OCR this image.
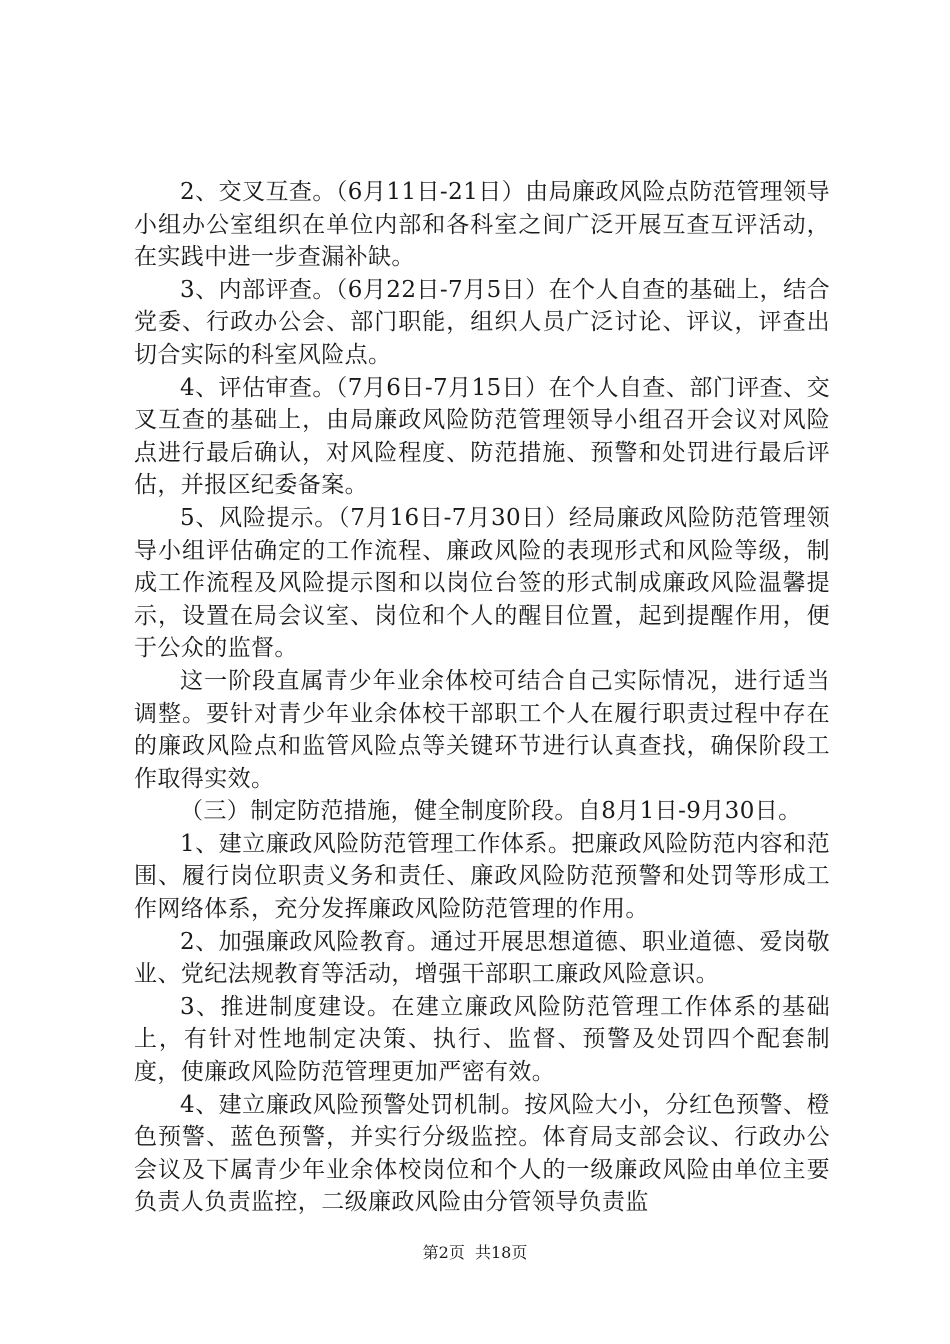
2、交叉互查。（6月11日-21日）由局廉政风险点防范管理领导小组办公室组织在单位内部和各科室之间广泛开展互查互评活动，在实践中进一步查漏补缺。

3、内部评查。（6月22日-7月5日）在个人自查的基础上，结合党委、行政办公会、部门职能，组织人员广泛讨论、评议，评查出切合实际的科室风险点。

4、评估审查。（7月6日-7月15日）在个人自查、部门评查、交叉互查的基础上，由局廉政风险防范管理领导小组召开会议对风险点进行最后确认，对风险程度、防范措施、预警和处罚进行最后评估，并报区纪委备案。

5、风险提示。（7月16日-7月30日）经局廉政风险防范管理领导小组评估确定的工作流程、廉政风险的表现形式和风险等级，制成工作流程及风险提示图和以岗位台签的形式制成廉政风险温馨提示，设置在局会议室、岗位和个人的醒目位置，起到提醒作用，便于公众的监督。

这一阶段直属青少年业余体校可结合自己实际情况，进行适当调整。要针对青少年业余体校干部职工个人在履行职责过程中存在的廉政风险点和监管风险点等关键环节进行认真查找，确保阶段工作取得实效。

（三）制定防范措施，健全制度阶段。自8月1日-9月30日。

1、建立廉政风险防范管理工作体系。把廉政风险防范内容和范围、履行岗位职责义务和责任、廉政风险防范预警和处罚等形成工作网络体系，充分发挥廉政风险防范管理的作用。

2、加强廉政风险教育。通过开展思想道德、职业道德、爱岗敬业、党纪法规教育等活动，增强干部职工廉政风险意识。

3、推进制度建设。在建立廉政风险防范管理工作体系的基础上，有针对性地制定决策、执行、监督、预警及处罚四个配套制度，使廉政风险防范管理更加严密有效。

4、建立廉政风险预警处罚机制。按风险大小，分红色预警、橙色预警、蓝色预警，并实行分级监控。体育局支部会议、行政办公会议及下属青少年业余体校岗位和个人的一级廉政风险由单位主要负责人负责监控，二级廉政风险由分管领导负责监

第2页  共18页
